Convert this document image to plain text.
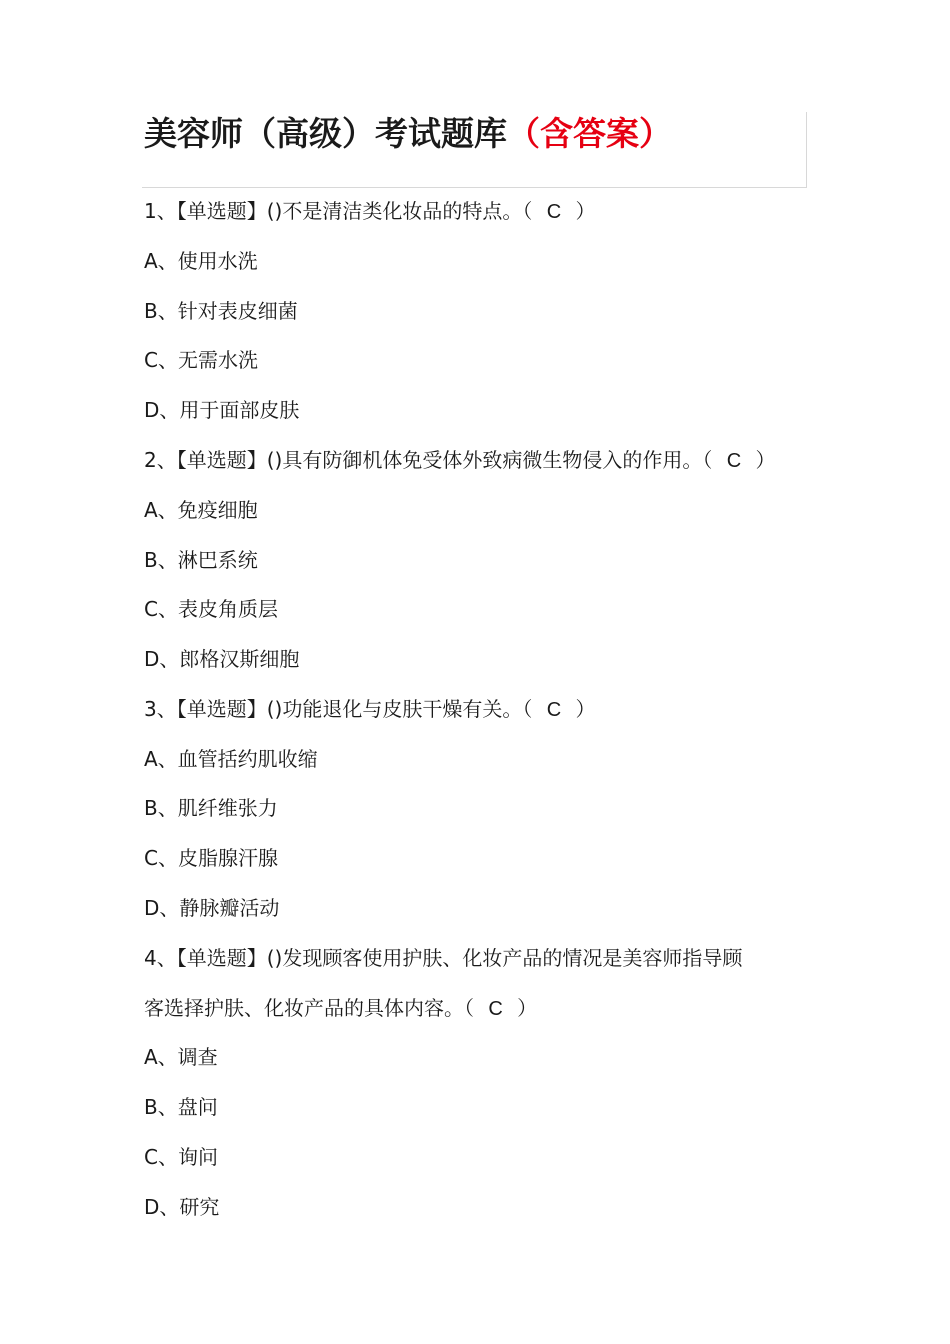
美容师（高级）考试题库（含答案）
1、【单选题】()不是清洁类化妆品的特点。（ C ）
A、使用水洗
B、针对表皮细菌
C、无需水洗
D、用于面部皮肤
2、【单选题】()具有防御机体免受体外致病微生物侵入的作用。（ C ）
A、免疫细胞
B、淋巴系统
C、表皮角质层
D、郎格汉斯细胞
3、【单选题】()功能退化与皮肤干燥有关。（ C ）
A、血管括约肌收缩
B、肌纤维张力
C、皮脂腺汗腺
D、静脉瓣活动
4、【单选题】()发现顾客使用护肤、化妆产品的情况是美容师指导顾
客选择护肤、化妆产品的具体内容。（ C ）
A、调查
B、盘问
C、询问
D、研究
